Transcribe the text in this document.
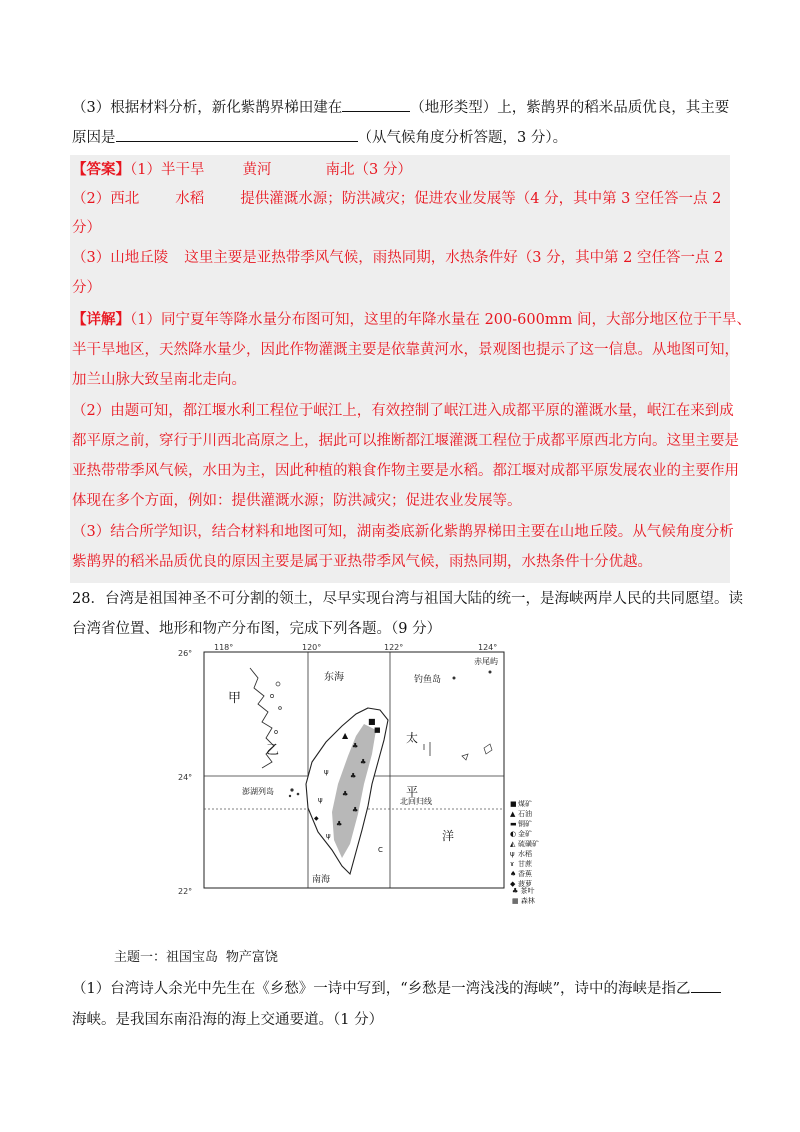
（3）根据材料分析，新化紫鹊界梯田建在	（地形类型）上，紫鹊界的稻米品质优良，其主要
原因是	（从气候角度分析答题，3 分）。
【答案】（1）半干旱	黄河	南北（3 分）
（2）西北 水稻 提供灌溉水源；防洪减灾；促进农业发展等（4 分，其中第 3 空任答一点 2
分）
（3）山地丘陵 这里主要是亚热带季风气候，雨热同期，水热条件好（3 分，其中第 2 空任答一点 2
分）
【详解】（1）同宁夏年等降水量分布图可知，这里的年降水量在 200-600mm 间，大部分地区位于干旱、
半干旱地区，天然降水量少，因此作物灌溉主要是依靠黄河水，景观图也提示了这一信息。从地图可知，
加兰山脉大致呈南北走向。
（2）由题可知，都江堰水利工程位于岷江上，有效控制了岷江进入成都平原的灌溉水量，岷江在来到成
都平原之前，穿行于川西北高原之上，据此可以推断都江堰灌溉工程位于成都平原西北方向。这里主要是
亚热带带季风气候，水田为主，因此种植的粮食作物主要是水稻。都江堰对成都平原发展农业的主要作用
体现在多个方面，例如：提供灌溉水源；防洪减灾；促进农业发展等。
（3）结合所学知识，结合材料和地图可知，湖南娄底新化紫鹊界梯田主要在山地丘陵。从气候角度分析
紫鹊界的稻米品质优良的原因主要是属于亚热带季风气候，雨热同期，水热条件十分优越。
28．台湾是祖国神圣不可分割的领土，尽早实现台湾与祖国大陆的统一，是海峡两岸人民的共同愿望。读
台湾省位置、地形和物产分布图，完成下列各题。（9 分）
■
■
▲
♣
♣
♣
♣
♣
♣
ψ
ψ
ψ
◆
118°	120°	122°	124°
26°
24°
22°
甲
乙
东海	钓鱼岛
赤尾屿
太
平
洋
澎湖列岛
北回归线
南海
C
■ 煤矿
▲ 石油
▬ 铜矿
◐ 金矿
◭ 硫磺矿
ψ 水稻
ɤ 甘蔗
♠ 香蕉
◆ 菠萝
♣ 茶叶
▦ 森林
主题一：祖国宝岛 物产富饶
（1）台湾诗人余光中先生在《乡愁》一诗中写到，“乡愁是一湾浅浅的海峡”，诗中的海峡是指乙
海峡。是我国东南沿海的海上交通要道。（1 分）
